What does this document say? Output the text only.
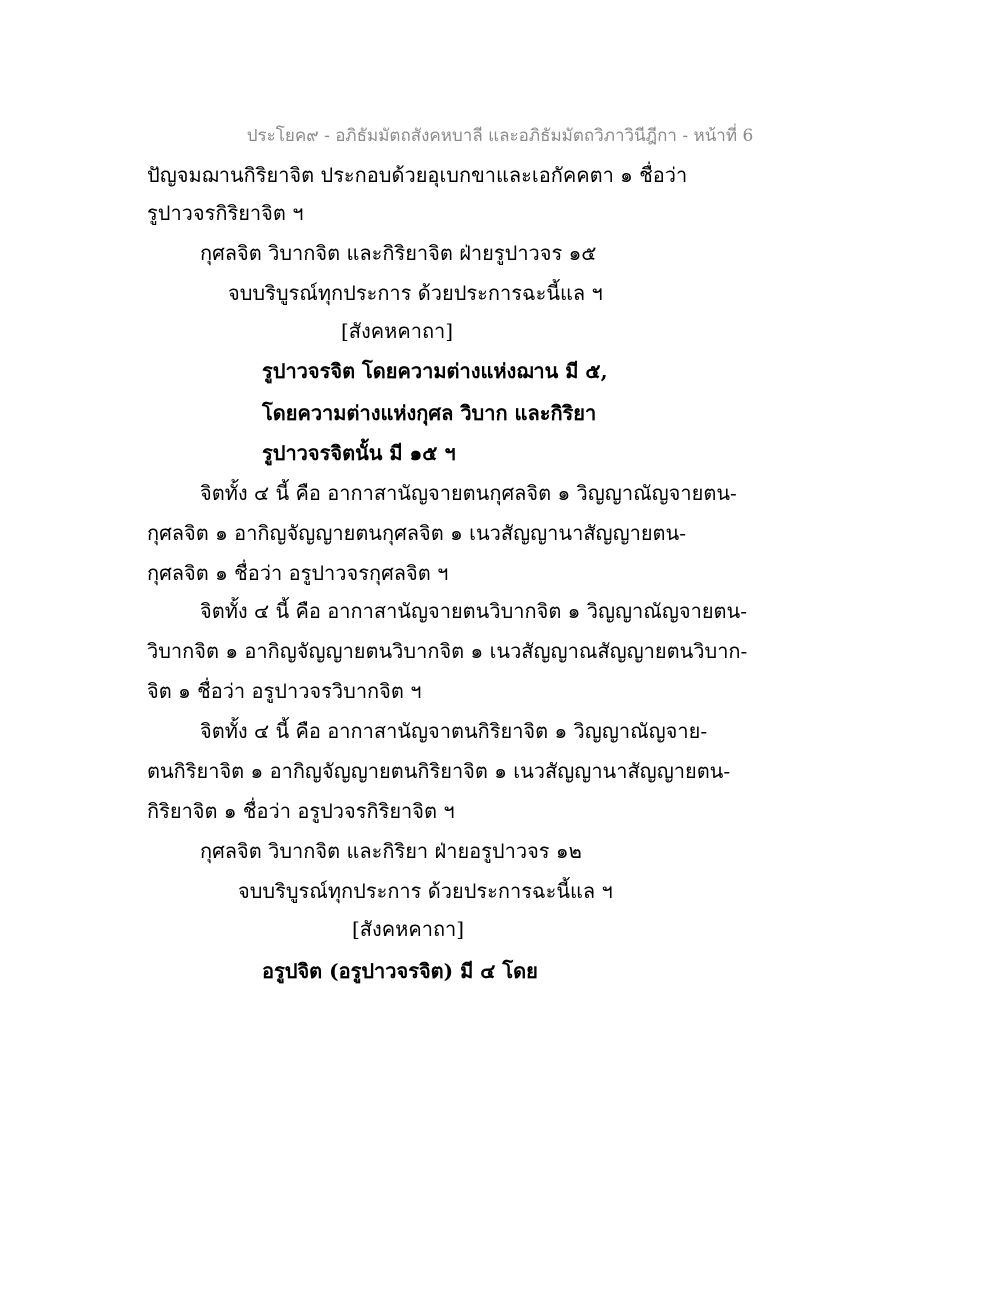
ประโยค๙ - อภิธัมมัตถสังคหบาลี และอภิธัมมัตถวิภาวินีฎีกา - หน้าที่ 6
ปัญจมฌานกิริยาจิต ประกอบด้วยอุเบกขาและเอกัคคตา ๑ ชื่อว่า
รูปาวจรกิริยาจิต ฯ
กุศลจิต วิบากจิต และกิริยาจิต ฝ่ายรูปาวจร ๑๕
จบบริบูรณ์ทุกประการ ด้วยประการฉะนี้แล ฯ
[สังคหคาถา]
รูปาวจรจิต โดยความต่างแห่งฌาน มี ๕,
โดยความต่างแห่งกุศล วิบาก และกิริยา
รูปาวจรจิตนั้น มี ๑๕ ฯ
จิตทั้ง ๔ นี้ คือ อากาสานัญจายตนกุศลจิต ๑ วิญญาณัญจายตน-
กุศลจิต ๑ อากิญจัญญายตนกุศลจิต ๑ เนวสัญญานาสัญญายตน-
กุศลจิต ๑ ชื่อว่า อรูปาวจรกุศลจิต ฯ
จิตทั้ง ๔ นี้ คือ อากาสานัญจายตนวิบากจิต ๑ วิญญาณัญจายตน-
วิบากจิต ๑ อากิญจัญญายตนวิบากจิต ๑ เนวสัญญาณสัญญายตนวิบาก-
จิต ๑ ชื่อว่า อรูปาวจรวิบากจิต ฯ
จิตทั้ง ๔ นี้ คือ อากาสานัญจาตนกิริยาจิต ๑ วิญญาณัญจาย-
ตนกิริยาจิต ๑ อากิญจัญญายตนกิริยาจิต ๑ เนวสัญญานาสัญญายตน-
กิริยาจิต ๑ ชื่อว่า อรูปวจรกิริยาจิต ฯ
กุศลจิต วิบากจิต และกิริยา ฝ่ายอรูปาวจร ๑๒
จบบริบูรณ์ทุกประการ ด้วยประการฉะนี้แล ฯ
[สังคหคาถา]
อรูปจิต (อรูปาวจรจิต) มี ๔ โดย
